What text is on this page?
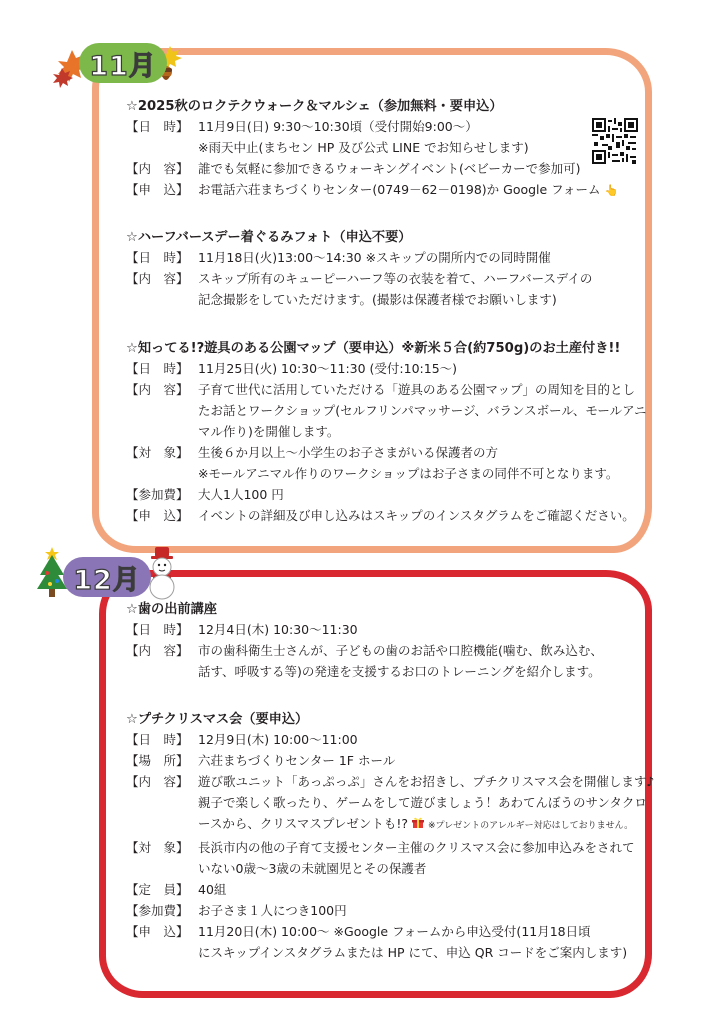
11月
12月
☆2025秋のロクテクウォーク＆マルシェ（参加無料・要申込）
【日　時】 11月9日(日) 9:30～10:30頃（受付開始9:00～）
※雨天中止(まちセン HP 及び公式 LINE でお知らせします)
【内　容】 誰でも気軽に参加できるウォーキングイベント(ベビーカーで参加可)
【申　込】 お電話六荘まちづくりセンター(0749－62－0198)か Google フォーム 👆
☆ハーフバースデー着ぐるみフォト（申込不要）
【日　時】 11月18日(火)13:00～14:30 ※スキップの開所内での同時開催
【内　容】 スキップ所有のキューピーハーフ等の衣装を着て、ハーフバースデイの
記念撮影をしていただけます。(撮影は保護者様でお願いします)
☆知ってる!?遊具のある公園マップ（要申込）※新米５合(約750g)のお土産付き!!
【日　時】 11月25日(火) 10:30～11:30 (受付:10:15～)
【内　容】 子育て世代に活用していただける「遊具のある公園マップ」の周知を目的とし
たお話とワークショップ(セルフリンパマッサージ、バランスボール、モールアニ
マル作り)を開催します。
【対　象】 生後６か月以上～小学生のお子さまがいる保護者の方
※モールアニマル作りのワークショップはお子さまの同伴不可となります。
【参加費】 大人1人100 円
【申　込】 イベントの詳細及び申し込みはスキップのインスタグラムをご確認ください。
☆歯の出前講座
【日　時】 12月4日(木) 10:30～11:30
【内　容】 市の歯科衛生士さんが、子どもの歯のお話や口腔機能(噛む、飲み込む、
話す、呼吸する等)の発達を支援するお口のトレーニングを紹介します。
☆プチクリスマス会（要申込）
【日　時】 12月9日(木) 10:00～11:00
【場　所】 六荘まちづくりセンター 1F ホール
【内　容】 遊び歌ユニット「あっぷっぷ」さんをお招きし、プチクリスマス会を開催します♪
親子で楽しく歌ったり、ゲームをして遊びましょう！あわてんぼうのサンタクロ
ースから、クリスマスプレゼントも!? ※プレゼントのアレルギー対応はしておりません。
【対　象】 長浜市内の他の子育て支援センター主催のクリスマス会に参加申込みをされて
いない0歳～3歳の未就園児とその保護者
【定　員】 40組
【参加費】 お子さま１人につき100円
【申　込】 11月20日(木) 10:00～ ※Google フォームから申込受付(11月18日頃
にスキップインスタグラムまたは HP にて、申込 QR コードをご案内します)
